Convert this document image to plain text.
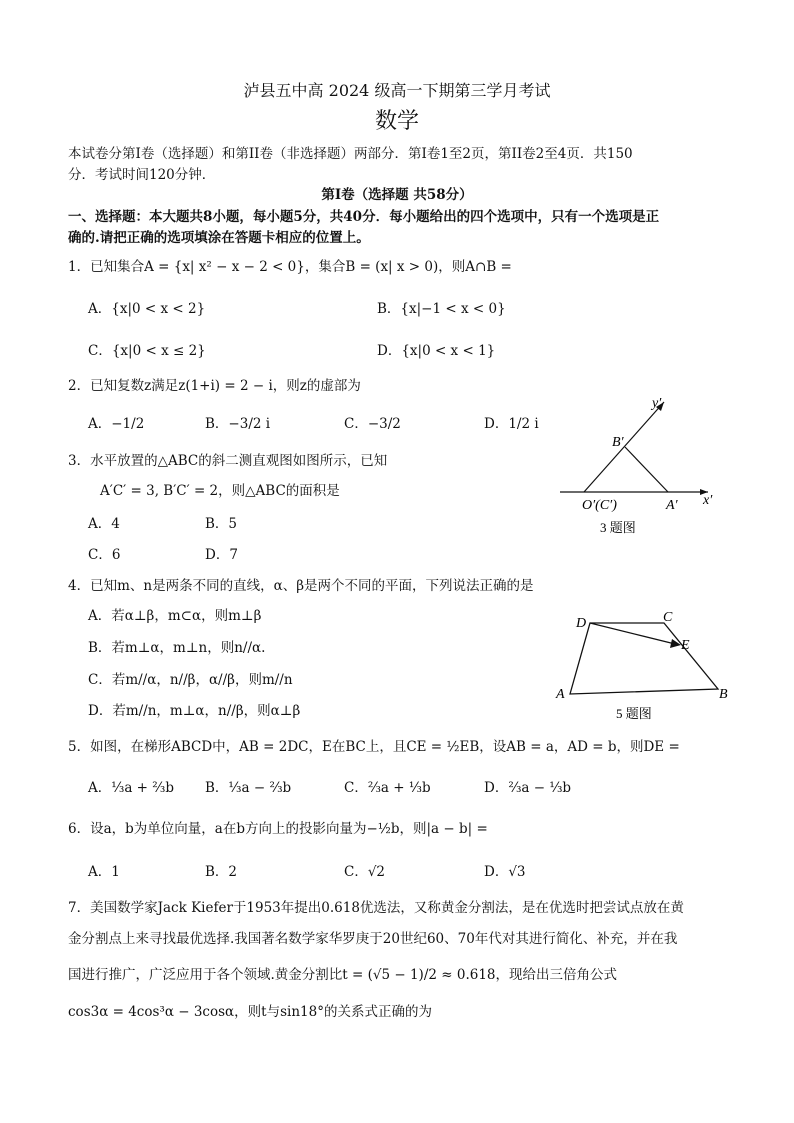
泸县五中高 2024 级高一下期第三学月考试
数学
本试卷分第I卷（选择题）和第II卷（非选择题）两部分．第I卷1至2页，第II卷2至4页．共150
分．考试时间120分钟．
第I卷（选择题 共58分）
一、选择题：本大题共8小题，每小题5分，共40分．每小题给出的四个选项中，只有一个选项是正
确的.请把正确的选项填涂在答题卡相应的位置上。
1．已知集合A = {x| x² − x − 2 < 0}，集合B = (x| x > 0)，则A∩B =
A．{x|0 < x < 2}	B．{x|−1 < x < 0}
C．{x|0 < x ≤ 2}	D．{x|0 < x < 1}
2．已知复数z满足z(1+i) = 2 − i，则z的虚部为
A．−1/2	B．−3/2 i	C．−3/2	D．1/2 i
3．水平放置的△ABC的斜二测直观图如图所示，已知
A′C′ = 3, B′C′ = 2，则△ABC的面积是
A．4	B．5
C．6	D．7
y′
x′
B′
A′
O′(C′)
3 题图
4．已知m、n是两条不同的直线，α、β是两个不同的平面，下列说法正确的是
A．若α⊥β，m⊂α，则m⊥β
B．若m⊥α，m⊥n，则n//α.
C．若m//α，n//β，α//β，则m//n
D．若m//n，m⊥α，n//β，则α⊥β
D	C
E
A	B
5 题图
5．如图，在梯形ABCD中，AB = 2DC，E在BC上，且CE = ½EB，设AB = a，AD = b，则DE =
A．⅓a + ⅔b B．⅓a − ⅔b	C．⅔a + ⅓b	D．⅔a − ⅓b
6．设a，b为单位向量，a在b方向上的投影向量为−½b，则|a − b| =
A．1	B．2	C．√2	D．√3
7．美国数学家Jack Kiefer于1953年提出0.618优选法，又称黄金分割法，是在优选时把尝试点放在黄
金分割点上来寻找最优选择.我国著名数学家华罗庚于20世纪60、70年代对其进行简化、补充，并在我
国进行推广，广泛应用于各个领域.黄金分割比t = (√5 − 1)/2 ≈ 0.618，现给出三倍角公式
cos3α = 4cos³α − 3cosα，则t与sin18°的关系式正确的为
